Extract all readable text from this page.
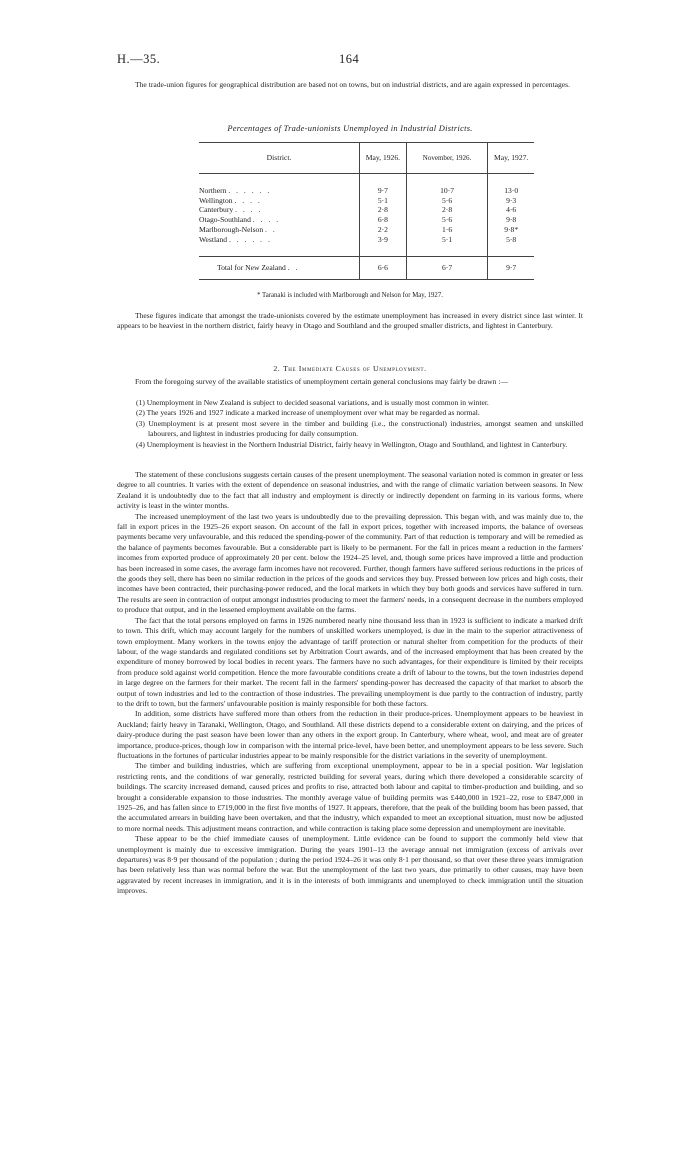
H.—35.	164

The trade-union figures for geographical distribution are based not on towns, but on industrial districts, and are again expressed in percentages.

Percentages of Trade-unionists Unemployed in Industrial Districts.
District.	May, 1926.	November, 1926.	May, 1927.

Northern . . . . . .	9·7	10·7	13·0
Wellington . . . .	5·1	5·6	9·3
Canterbury . . . .	2·8	2·8	4·6
Otago-Southland . . . .	6·8	5·6	9·8
Marlborough-Nelson . .	2·2	1·6	9·8*
Westland . . . . . .	3·9	5·1	5·8

Total for New Zealand . .	6·6	6·7	9·7
* Taranaki is included with Marlborough and Nelson for May, 1927.

These figures indicate that amongst the trade-unionists covered by the estimate unemployment has increased in every district since last winter. It appears to be heaviest in the northern district, fairly heavy in Otago and Southland and the grouped smaller districts, and lightest in Canterbury.

2. The Immediate Causes of Unemployment.

From the foregoing survey of the available statistics of unemployment certain general conclusions may fairly be drawn :—

(1) Unemployment in New Zealand is subject to decided seasonal variations, and is usually most common in winter.
(2) The years 1926 and 1927 indicate a marked increase of unemployment over what may be regarded as normal.
(3) Unemployment is at present most severe in the timber and building (i.e., the constructional) industries, amongst seamen and unskilled labourers, and lightest in industries producing for daily consumption.
(4) Unemployment is heaviest in the Northern Industrial District, fairly heavy in Wellington, Otago and Southland, and lightest in Canterbury.

The statement of these conclusions suggests certain causes of the present unemployment. The seasonal variation noted is common in greater or less degree to all countries. It varies with the extent of dependence on seasonal industries, and with the range of climatic variation between seasons. In New Zealand it is undoubtedly due to the fact that all industry and employment is directly or indirectly dependent on farming in its various forms, where activity is least in the winter months.

The increased unemployment of the last two years is undoubtedly due to the prevailing depression. This began with, and was mainly due to, the fall in export prices in the 1925–26 export season. On account of the fall in export prices, together with increased imports, the balance of overseas payments became very unfavourable, and this reduced the spending-power of the community. Part of that reduction is temporary and will be remedied as the balance of payments becomes favourable. But a considerable part is likely to be permanent. For the fall in prices meant a reduction in the farmers' incomes from exported produce of approximately 20 per cent. below the 1924–25 level, and, though some prices have improved a little and production has been increased in some cases, the average farm incomes have not recovered. Further, though farmers have suffered serious reductions in the prices of the goods they sell, there has been no similar reduction in the prices of the goods and services they buy. Pressed between low prices and high costs, their incomes have been contracted, their purchasing-power reduced, and the local markets in which they buy both goods and services have suffered in turn. The results are seen in contraction of output amongst industries producing to meet the farmers' needs, in a consequent decrease in the numbers employed to produce that output, and in the lessened employment available on the farms.

The fact that the total persons employed on farms in 1926 numbered nearly nine thousand less than in 1923 is sufficient to indicate a marked drift to town. This drift, which may account largely for the numbers of unskilled workers unemployed, is due in the main to the superior attractiveness of town employment. Many workers in the towns enjoy the advantage of tariff protection or natural shelter from competition for the products of their labour, of the wage standards and regulated conditions set by Arbitration Court awards, and of the increased employment that has been created by the expenditure of money borrowed by local bodies in recent years. The farmers have no such advantages, for their expenditure is limited by their receipts from produce sold against world competition. Hence the more favourable conditions create a drift of labour to the towns, but the town industries depend in large degree on the farmers for their market. The recent fall in the farmers' spending-power has decreased the capacity of that market to absorb the output of town industries and led to the contraction of those industries. The prevailing unemployment is due partly to the contraction of industry, partly to the drift to town, but the farmers' unfavourable position is mainly responsible for both these factors.

In addition, some districts have suffered more than others from the reduction in their produce-prices. Unemployment appears to be heaviest in Auckland; fairly heavy in Taranaki, Wellington, Otago, and Southland. All these districts depend to a considerable extent on dairying, and the prices of dairy-produce during the past season have been lower than any others in the export group. In Canterbury, where wheat, wool, and meat are of greater importance, produce-prices, though low in comparison with the internal price-level, have been better, and unemployment appears to be less severe. Such fluctuations in the fortunes of particular industries appear to be mainly responsible for the district variations in the severity of unemployment.

The timber and building industries, which are suffering from exceptional unemployment, appear to be in a special position. War legislation restricting rents, and the conditions of war generally, restricted building for several years, during which there developed a considerable scarcity of buildings. The scarcity increased demand, caused prices and profits to rise, attracted both labour and capital to timber-production and building, and so brought a considerable expansion to those industries. The monthly average value of building permits was £440,000 in 1921–22, rose to £847,000 in 1925–26, and has fallen since to £719,000 in the first five months of 1927. It appears, therefore, that the peak of the building boom has been passed, that the accumulated arrears in building have been overtaken, and that the industry, which expanded to meet an exceptional situation, must now be adjusted to more normal needs. This adjustment means contraction, and while contraction is taking place some depression and unemployment are inevitable.

These appear to be the chief immediate causes of unemployment. Little evidence can be found to support the commonly held view that unemployment is mainly due to excessive immigration. During the years 1901–13 the average annual net immigration (excess of arrivals over departures) was 8·9 per thousand of the population ; during the period 1924–26 it was only 8·1 per thousand, so that over these three years immigration has been relatively less than was normal before the war. But the unemployment of the last two years, due primarily to other causes, may have been aggravated by recent increases in immigration, and it is in the interests of both immigrants and unemployed to check immigration until the situation improves.
